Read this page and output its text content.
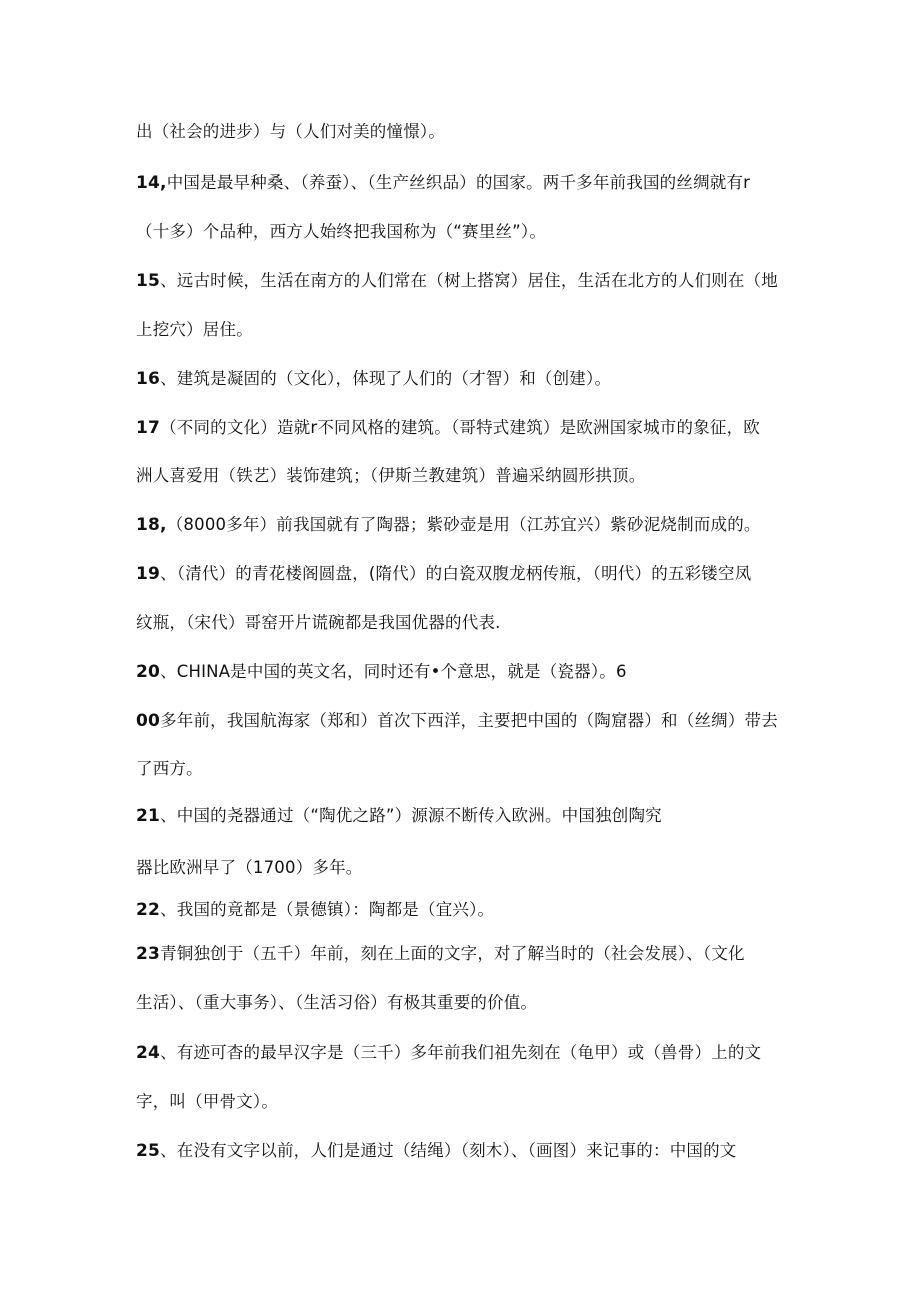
出（社会的进步）与（人们对美的憧憬）。
14,中国是最早种桑、（养蚕）、（生产丝织品）的国家。两千多年前我国的丝绸就有r
（十多）个品种，西方人始终把我国称为（“赛里丝”）。
15、远古时候，生活在南方的人们常在（树上搭窝）居住，生活在北方的人们则在（地
上挖穴）居住。
16、建筑是凝固的（文化），体现了人们的（才智）和（创建）。
17（不同的文化）造就r不同风格的建筑。（哥特式建筑）是欧洲国家城市的象征，欧
洲人喜爱用（铁艺）装饰建筑；（伊斯兰教建筑）普遍采纳圆形拱顶。
18,（8000多年）前我国就有了陶器；紫砂壶是用（江苏宜兴）紫砂泥烧制而成的。
19、（清代）的青花楼阁圆盘，(隋代）的白瓷双腹龙柄传瓶，（明代）的五彩镂空凤
纹瓶，（宋代）哥窑开片谎碗都是我国优器的代表.
20、CHINA是中国的英文名，同时还有•个意思，就是（瓷器）。6
00多年前，我国航海家（郑和）首次下西洋，主要把中国的（陶窟器）和（丝绸）带去
了西方。
21、中国的尧器通过（“陶优之路”）源源不断传入欧洲。中国独创陶究
器比欧洲早了（1700）多年。
22、我国的竟都是（景德镇）：陶都是（宜兴）。
23青铜独创于（五千）年前，刻在上面的文字，对了解当时的（社会发展）、（文化
生活）、（重大事务）、（生活习俗）有极其重要的价值。
24、有迹可杳的最早汉字是（三千）多年前我们祖先刻在（龟甲）或（兽骨）上的文
字，叫（甲骨文）。
25、在没有文字以前，人们是通过（结绳）（刻木）、（画图）来记事的：中国的文
